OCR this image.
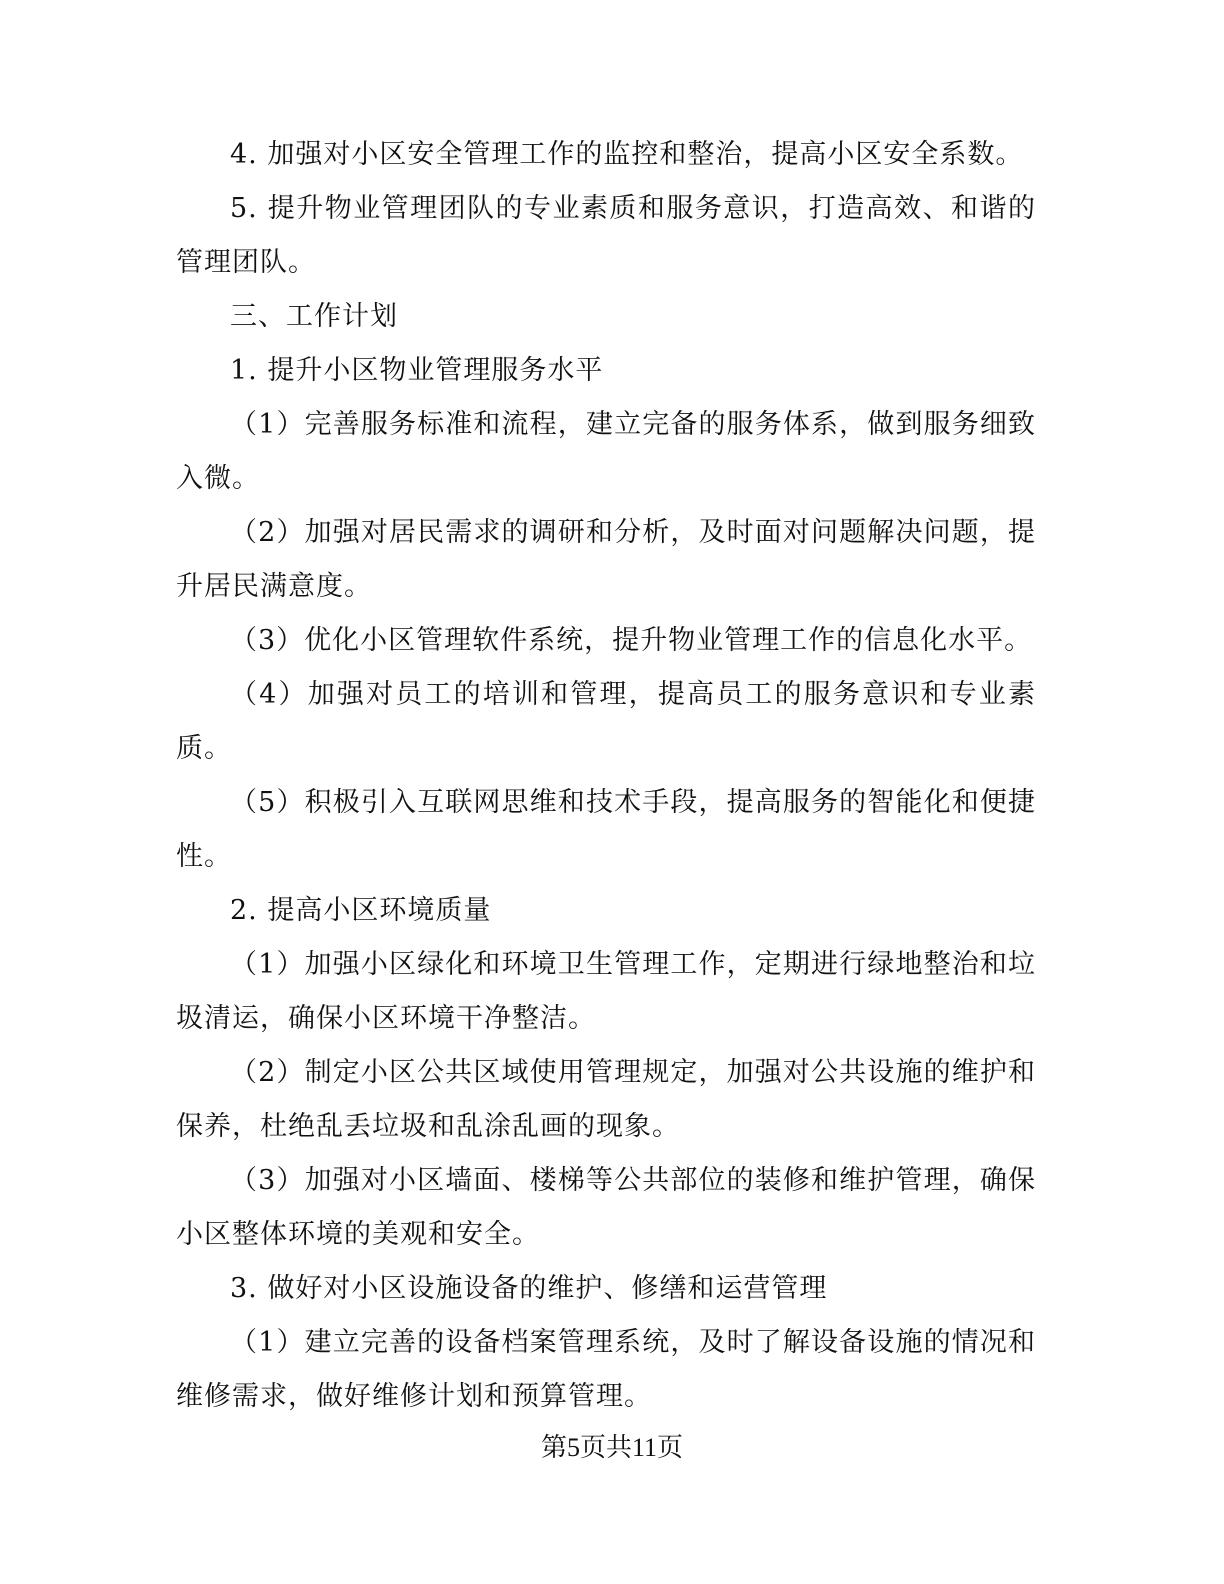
4. 加强对小区安全管理工作的监控和整治，提高小区安全系数。

5. 提升物业管理团队的专业素质和服务意识，打造高效、和谐的管理团队。

三、工作计划

1. 提升小区物业管理服务水平

（1）完善服务标准和流程，建立完备的服务体系，做到服务细致入微。

（2）加强对居民需求的调研和分析，及时面对问题解决问题，提升居民满意度。

（3）优化小区管理软件系统，提升物业管理工作的信息化水平。

（4）加强对员工的培训和管理，提高员工的服务意识和专业素质。

（5）积极引入互联网思维和技术手段，提高服务的智能化和便捷性。

2. 提高小区环境质量

（1）加强小区绿化和环境卫生管理工作，定期进行绿地整治和垃圾清运，确保小区环境干净整洁。

（2）制定小区公共区域使用管理规定，加强对公共设施的维护和保养，杜绝乱丢垃圾和乱涂乱画的现象。

（3）加强对小区墙面、楼梯等公共部位的装修和维护管理，确保小区整体环境的美观和安全。

3. 做好对小区设施设备的维护、修缮和运营管理

（1）建立完善的设备档案管理系统，及时了解设备设施的情况和维修需求，做好维修计划和预算管理。

第5页共11页
